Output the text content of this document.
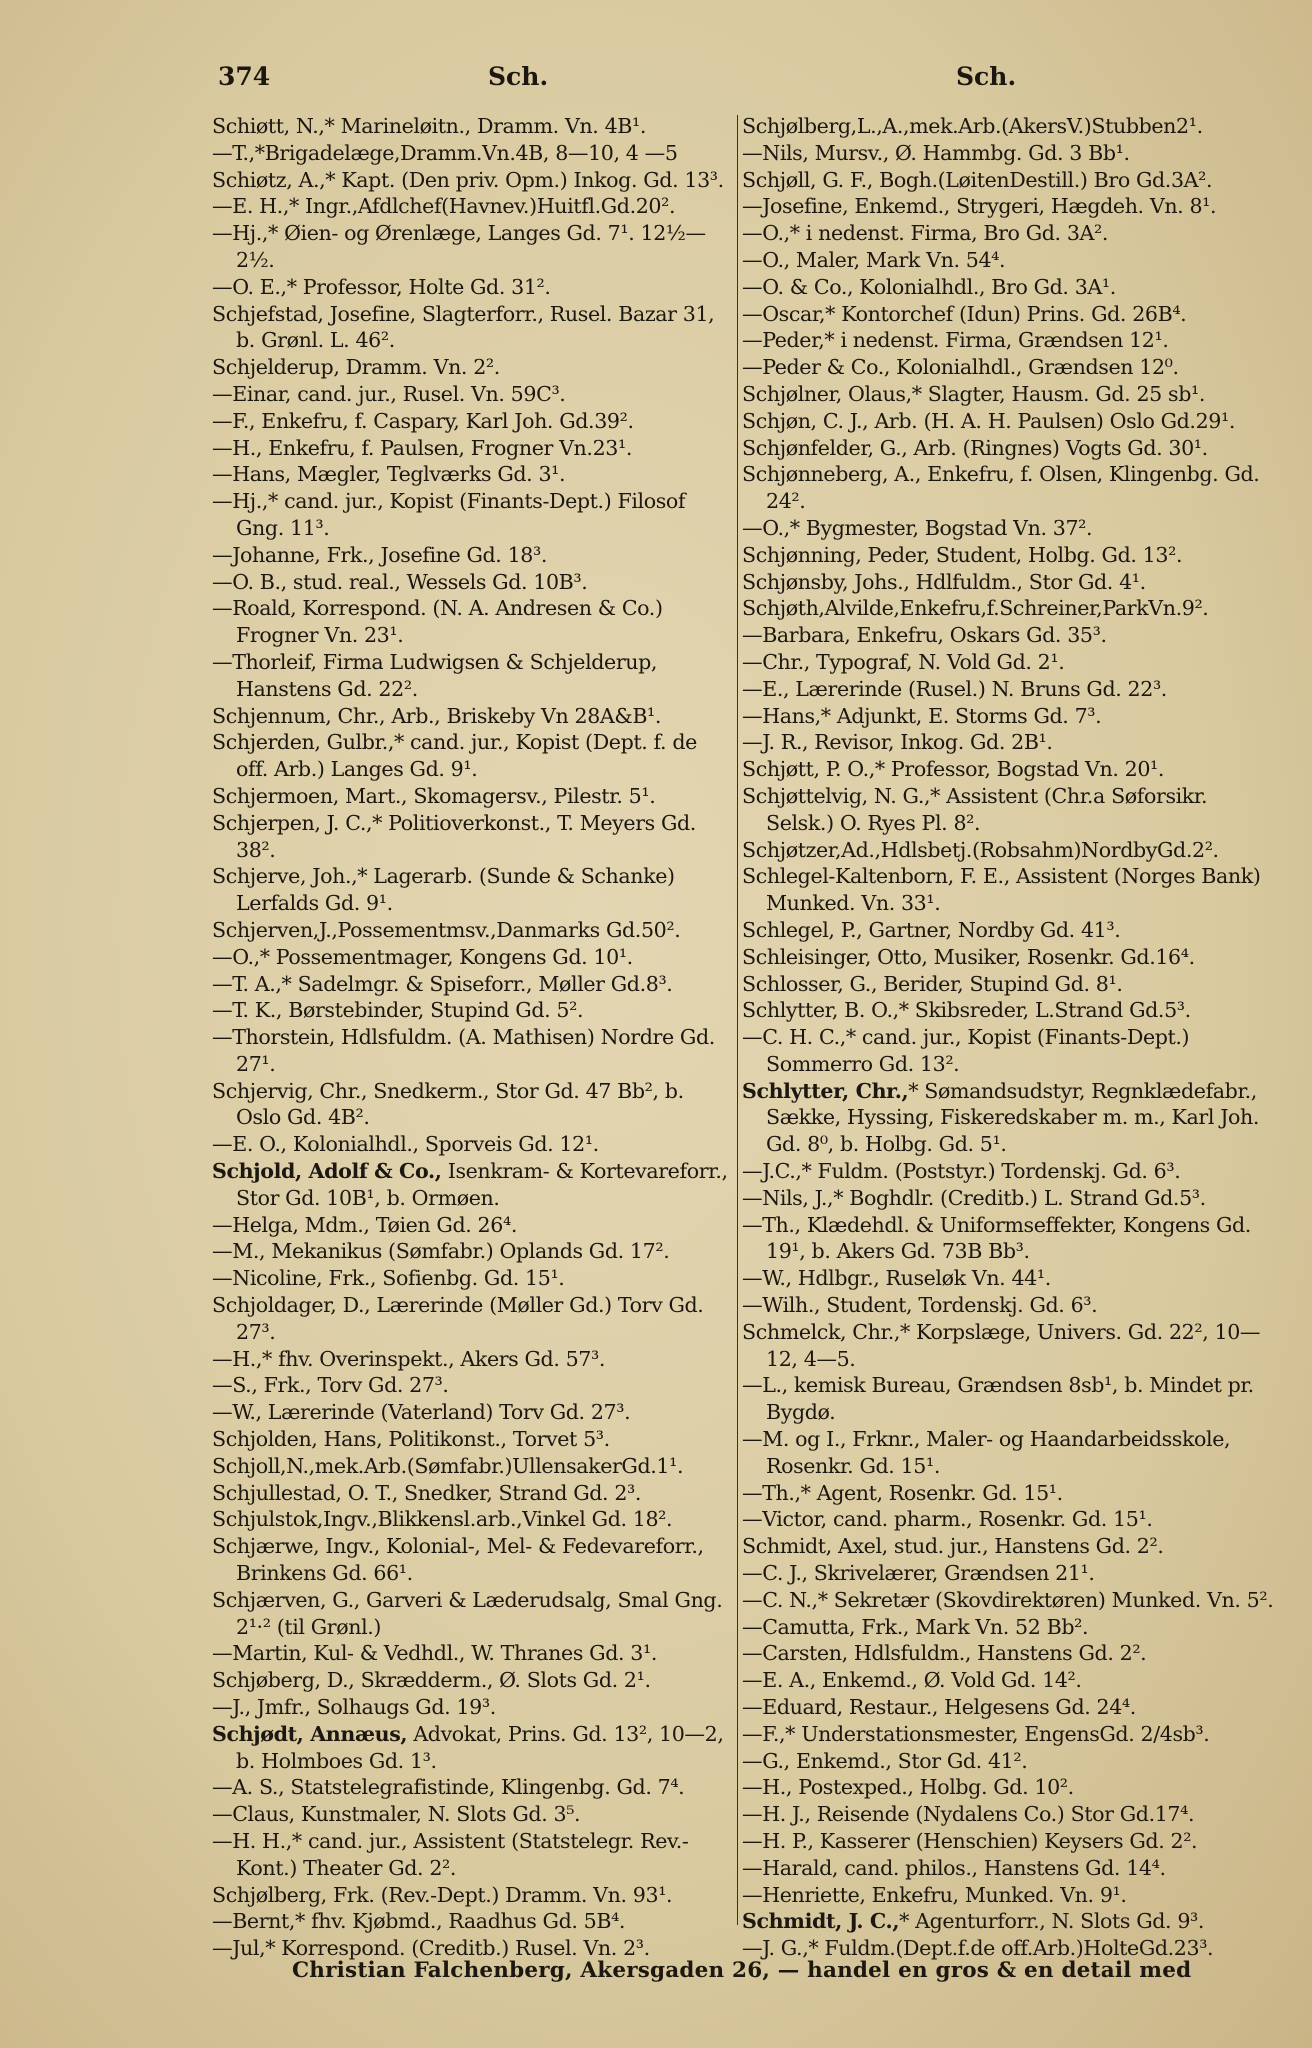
374	Sch.	Sch.

Schiøtt, N.,* Marineløitn., Dramm. Vn. 4B¹.

—T.,*Brigadelæge,Dramm.Vn.4B, 8—10, 4 —5

Schiøtz, A.,* Kapt. (Den priv. Opm.) Inkog. Gd. 13³.

—E. H.,* Ingr.,Afdlchef(Havnev.)Huitfl.Gd.20².

—Hj.,* Øien- og Ørenlæge, Langes Gd. 7¹. 12½—2½.

—O. E.,* Professor, Holte Gd. 31².

Schjefstad, Josefine, Slagterforr., Rusel. Bazar 31, b. Grønl. L. 46².

Schjelderup, Dramm. Vn. 2².

—Einar, cand. jur., Rusel. Vn. 59C³.

—F., Enkefru, f. Caspary, Karl Joh. Gd.39².

—H., Enkefru, f. Paulsen, Frogner Vn.23¹.

—Hans, Mægler, Teglværks Gd. 3¹.

—Hj.,* cand. jur., Kopist (Finants-Dept.) Filosof Gng. 11³.

—Johanne, Frk., Josefine Gd. 18³.

—O. B., stud. real., Wessels Gd. 10B³.

—Roald, Korrespond. (N. A. Andresen & Co.) Frogner Vn. 23¹.

—Thorleif, Firma Ludwigsen & Schjelderup, Hanstens Gd. 22².

Schjennum, Chr., Arb., Briskeby Vn 28A&B¹.

Schjerden, Gulbr.,* cand. jur., Kopist (Dept. f. de off. Arb.) Langes Gd. 9¹.

Schjermoen, Mart., Skomagersv., Pilestr. 5¹.

Schjerpen, J. C.,* Politioverkonst., T. Meyers Gd. 38².

Schjerve, Joh.,* Lagerarb. (Sunde & Schanke) Lerfalds Gd. 9¹.

Schjerven,J.,Possementmsv.,Danmarks Gd.50².

—O.,* Possementmager, Kongens Gd. 10¹.

—T. A.,* Sadelmgr. & Spiseforr., Møller Gd.8³.

—T. K., Børstebinder, Stupind Gd. 5².

—Thorstein, Hdlsfuldm. (A. Mathisen) Nordre Gd. 27¹.

Schjervig, Chr., Snedkerm., Stor Gd. 47 Bb², b. Oslo Gd. 4B².

—E. O., Kolonialhdl., Sporveis Gd. 12¹.

Schjold, Adolf & Co., Isenkram- & Kortevareforr., Stor Gd. 10B¹, b. Ormøen.

—Helga, Mdm., Tøien Gd. 26⁴.

—M., Mekanikus (Sømfabr.) Oplands Gd. 17².

—Nicoline, Frk., Sofienbg. Gd. 15¹.

Schjoldager, D., Lærerinde (Møller Gd.) Torv Gd. 27³.

—H.,* fhv. Overinspekt., Akers Gd. 57³.

—S., Frk., Torv Gd. 27³.

—W., Lærerinde (Vaterland) Torv Gd. 27³.

Schjolden, Hans, Politikonst., Torvet 5³.

Schjoll,N.,mek.Arb.(Sømfabr.)UllensakerGd.1¹.

Schjullestad, O. T., Snedker, Strand Gd. 2³.

Schjulstok,Ingv.,Blikkensl.arb.,Vinkel Gd. 18².

Schjærwe, Ingv., Kolonial-, Mel- & Fedevareforr., Brinkens Gd. 66¹.

Schjærven, G., Garveri & Læderudsalg, Smal Gng. 2¹·² (til Grønl.)

—Martin, Kul- & Vedhdl., W. Thranes Gd. 3¹.

Schjøberg, D., Skrædderm., Ø. Slots Gd. 2¹.

—J., Jmfr., Solhaugs Gd. 19³.

Schjødt, Annæus, Advokat, Prins. Gd. 13², 10—2, b. Holmboes Gd. 1³.

—A. S., Statstelegrafistinde, Klingenbg. Gd. 7⁴.

—Claus, Kunstmaler, N. Slots Gd. 3⁵.

—H. H.,* cand. jur., Assistent (Statstelegr. Rev.-Kont.) Theater Gd. 2².

Schjølberg, Frk. (Rev.-Dept.) Dramm. Vn. 93¹.

—Bernt,* fhv. Kjøbmd., Raadhus Gd. 5B⁴.

—Jul,* Korrespond. (Creditb.) Rusel. Vn. 2³.

Schjølberg,L.,A.,mek.Arb.(AkersV.)Stubben2¹.

—Nils, Mursv., Ø. Hammbg. Gd. 3 Bb¹.

Schjøll, G. F., Bogh.(LøitenDestill.) Bro Gd.3A².

—Josefine, Enkemd., Strygeri, Hægdeh. Vn. 8¹.

—O.,* i nedenst. Firma, Bro Gd. 3A².

—O., Maler, Mark Vn. 54⁴.

—O. & Co., Kolonialhdl., Bro Gd. 3A¹.

—Oscar,* Kontorchef (Idun) Prins. Gd. 26B⁴.

—Peder,* i nedenst. Firma, Grændsen 12¹.

—Peder & Co., Kolonialhdl., Grændsen 12⁰.

Schjølner, Olaus,* Slagter, Hausm. Gd. 25 sb¹.

Schjøn, C. J., Arb. (H. A. H. Paulsen) Oslo Gd.29¹.

Schjønfelder, G., Arb. (Ringnes) Vogts Gd. 30¹.

Schjønneberg, A., Enkefru, f. Olsen, Klingenbg. Gd. 24².

—O.,* Bygmester, Bogstad Vn. 37².

Schjønning, Peder, Student, Holbg. Gd. 13².

Schjønsby, Johs., Hdlfuldm., Stor Gd. 4¹.

Schjøth,Alvilde,Enkefru,f.Schreiner,ParkVn.9².

—Barbara, Enkefru, Oskars Gd. 35³.

—Chr., Typograf, N. Vold Gd. 2¹.

—E., Lærerinde (Rusel.) N. Bruns Gd. 22³.

—Hans,* Adjunkt, E. Storms Gd. 7³.

—J. R., Revisor, Inkog. Gd. 2B¹.

Schjøtt, P. O.,* Professor, Bogstad Vn. 20¹.

Schjøttelvig, N. G.,* Assistent (Chr.a Søforsikr. Selsk.) O. Ryes Pl. 8².

Schjøtzer,Ad.,Hdlsbetj.(Robsahm)NordbyGd.2².

Schlegel-Kaltenborn, F. E., Assistent (Norges Bank) Munked. Vn. 33¹.

Schlegel, P., Gartner, Nordby Gd. 41³.

Schleisinger, Otto, Musiker, Rosenkr. Gd.16⁴.

Schlosser, G., Berider, Stupind Gd. 8¹.

Schlytter, B. O.,* Skibsreder, L.Strand Gd.5³.

—C. H. C.,* cand. jur., Kopist (Finants-Dept.) Sommerro Gd. 13².

Schlytter, Chr.,* Sømandsudstyr, Regnklædefabr., Sække, Hyssing, Fiskeredskaber m. m., Karl Joh. Gd. 8⁰, b. Holbg. Gd. 5¹.

—J.C.,* Fuldm. (Poststyr.) Tordenskj. Gd. 6³.

—Nils, J.,* Boghdlr. (Creditb.) L. Strand Gd.5³.

—Th., Klædehdl. & Uniformseffekter, Kongens Gd. 19¹, b. Akers Gd. 73B Bb³.

—W., Hdlbgr., Ruseløk Vn. 44¹.

—Wilh., Student, Tordenskj. Gd. 6³.

Schmelck, Chr.,* Korpslæge, Univers. Gd. 22², 10—12, 4—5.

—L., kemisk Bureau, Grændsen 8sb¹, b. Mindet pr. Bygdø.

—M. og I., Frknr., Maler- og Haandarbeidsskole, Rosenkr. Gd. 15¹.

—Th.,* Agent, Rosenkr. Gd. 15¹.

—Victor, cand. pharm., Rosenkr. Gd. 15¹.

Schmidt, Axel, stud. jur., Hanstens Gd. 2².

—C. J., Skrivelærer, Grændsen 21¹.

—C. N.,* Sekretær (Skovdirektøren) Munked. Vn. 5².

—Camutta, Frk., Mark Vn. 52 Bb².

—Carsten, Hdlsfuldm., Hanstens Gd. 2².

—E. A., Enkemd., Ø. Vold Gd. 14².

—Eduard, Restaur., Helgesens Gd. 24⁴.

—F.,* Understationsmester, EngensGd. 2/4sb³.

—G., Enkemd., Stor Gd. 41².

—H., Postexped., Holbg. Gd. 10².

—H. J., Reisende (Nydalens Co.) Stor Gd.17⁴.

—H. P., Kasserer (Henschien) Keysers Gd. 2².

—Harald, cand. philos., Hanstens Gd. 14⁴.

—Henriette, Enkefru, Munked. Vn. 9¹.

Schmidt, J. C.,* Agenturforr., N. Slots Gd. 9³.

—J. G.,* Fuldm.(Dept.f.de off.Arb.)HolteGd.23³.

Christian Falchenberg, Akersgaden 26, — handel en gros & en detail med
